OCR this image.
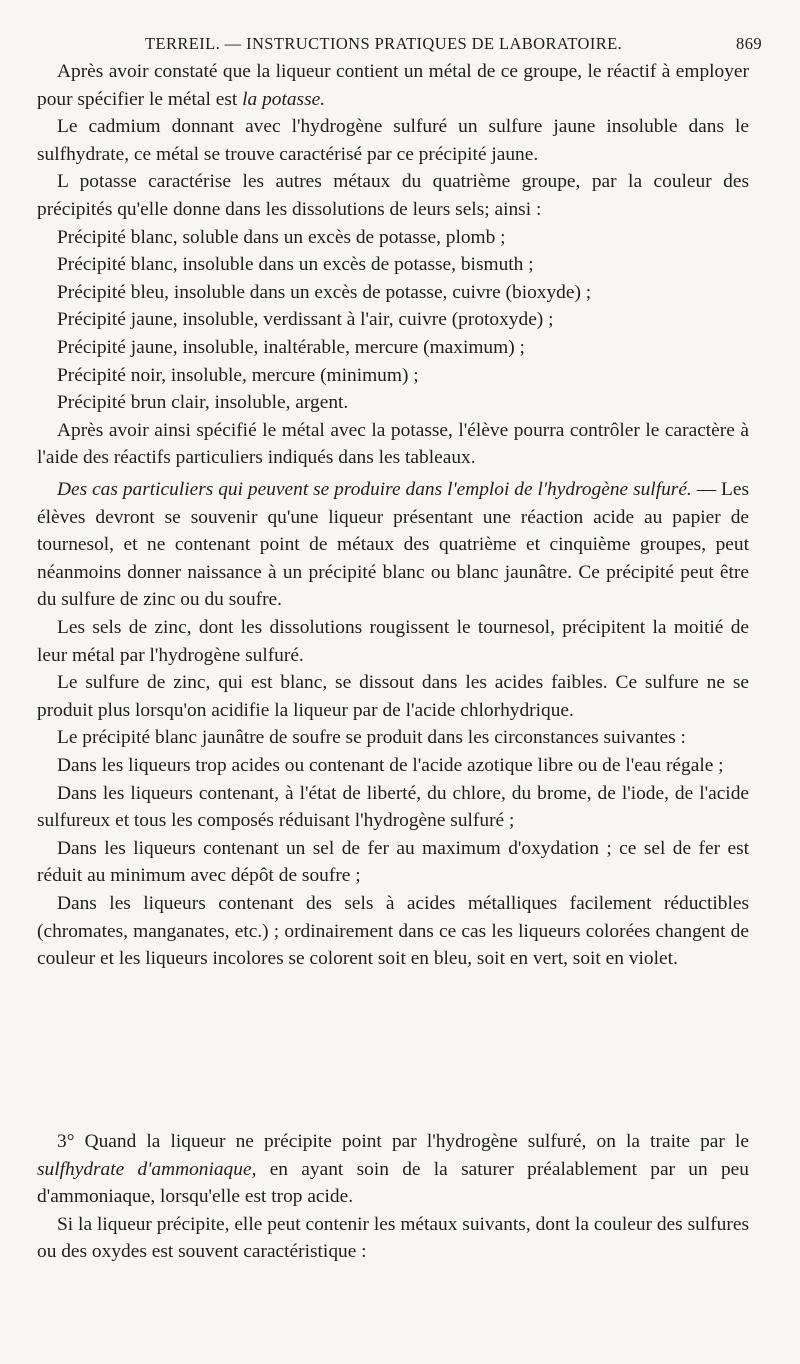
TERREIL. — INSTRUCTIONS PRATIQUES DE LABORATOIRE.	869

Après avoir constaté que la liqueur contient un métal de ce groupe, le réactif à employer pour spécifier le métal est la potasse.

Le cadmium donnant avec l'hydrogène sulfuré un sulfure jaune insoluble dans le sulfhydrate, ce métal se trouve caractérisé par ce précipité jaune.

L potasse caractérise les autres métaux du quatrième groupe, par la couleur des précipités qu'elle donne dans les dissolutions de leurs sels; ainsi :

Précipité blanc, soluble dans un excès de potasse, plomb ;

Précipité blanc, insoluble dans un excès de potasse, bismuth ;

Précipité bleu, insoluble dans un excès de potasse, cuivre (bioxyde) ;

Précipité jaune, insoluble, verdissant à l'air, cuivre (protoxyde) ;

Précipité jaune, insoluble, inaltérable, mercure (maximum) ;

Précipité noir, insoluble, mercure (minimum) ;

Précipité brun clair, insoluble, argent.

Après avoir ainsi spécifié le métal avec la potasse, l'élève pourra contrôler le caractère à l'aide des réactifs particuliers indiqués dans les tableaux.

Des cas particuliers qui peuvent se produire dans l'emploi de l'hydrogène sulfuré. — Les élèves devront se souvenir qu'une liqueur présentant une réaction acide au papier de tournesol, et ne contenant point de métaux des quatrième et cinquième groupes, peut néanmoins donner naissance à un précipité blanc ou blanc jaunâtre. Ce précipité peut être du sulfure de zinc ou du soufre.

Les sels de zinc, dont les dissolutions rougissent le tournesol, précipitent la moitié de leur métal par l'hydrogène sulfuré.

Le sulfure de zinc, qui est blanc, se dissout dans les acides faibles. Ce sulfure ne se produit plus lorsqu'on acidifie la liqueur par de l'acide chlorhydrique.

Le précipité blanc jaunâtre de soufre se produit dans les circonstances suivantes :

Dans les liqueurs trop acides ou contenant de l'acide azotique libre ou de l'eau régale ;

Dans les liqueurs contenant, à l'état de liberté, du chlore, du brome, de l'iode, de l'acide sulfureux et tous les composés réduisant l'hydrogène sulfuré ;

Dans les liqueurs contenant un sel de fer au maximum d'oxydation ; ce sel de fer est réduit au minimum avec dépôt de soufre ;

Dans les liqueurs contenant des sels à acides métalliques facilement réductibles (chromates, manganates, etc.) ; ordinairement dans ce cas les liqueurs colorées changent de couleur et les liqueurs incolores se colorent soit en bleu, soit en vert, soit en violet.

3° Quand la liqueur ne précipite point par l'hydrogène sulfuré, on la traite par le sulfhydrate d'ammoniaque, en ayant soin de la saturer préalablement par un peu d'ammoniaque, lorsqu'elle est trop acide.

Si la liqueur précipite, elle peut contenir les métaux suivants, dont la couleur des sulfures ou des oxydes est souvent caractéristique :
